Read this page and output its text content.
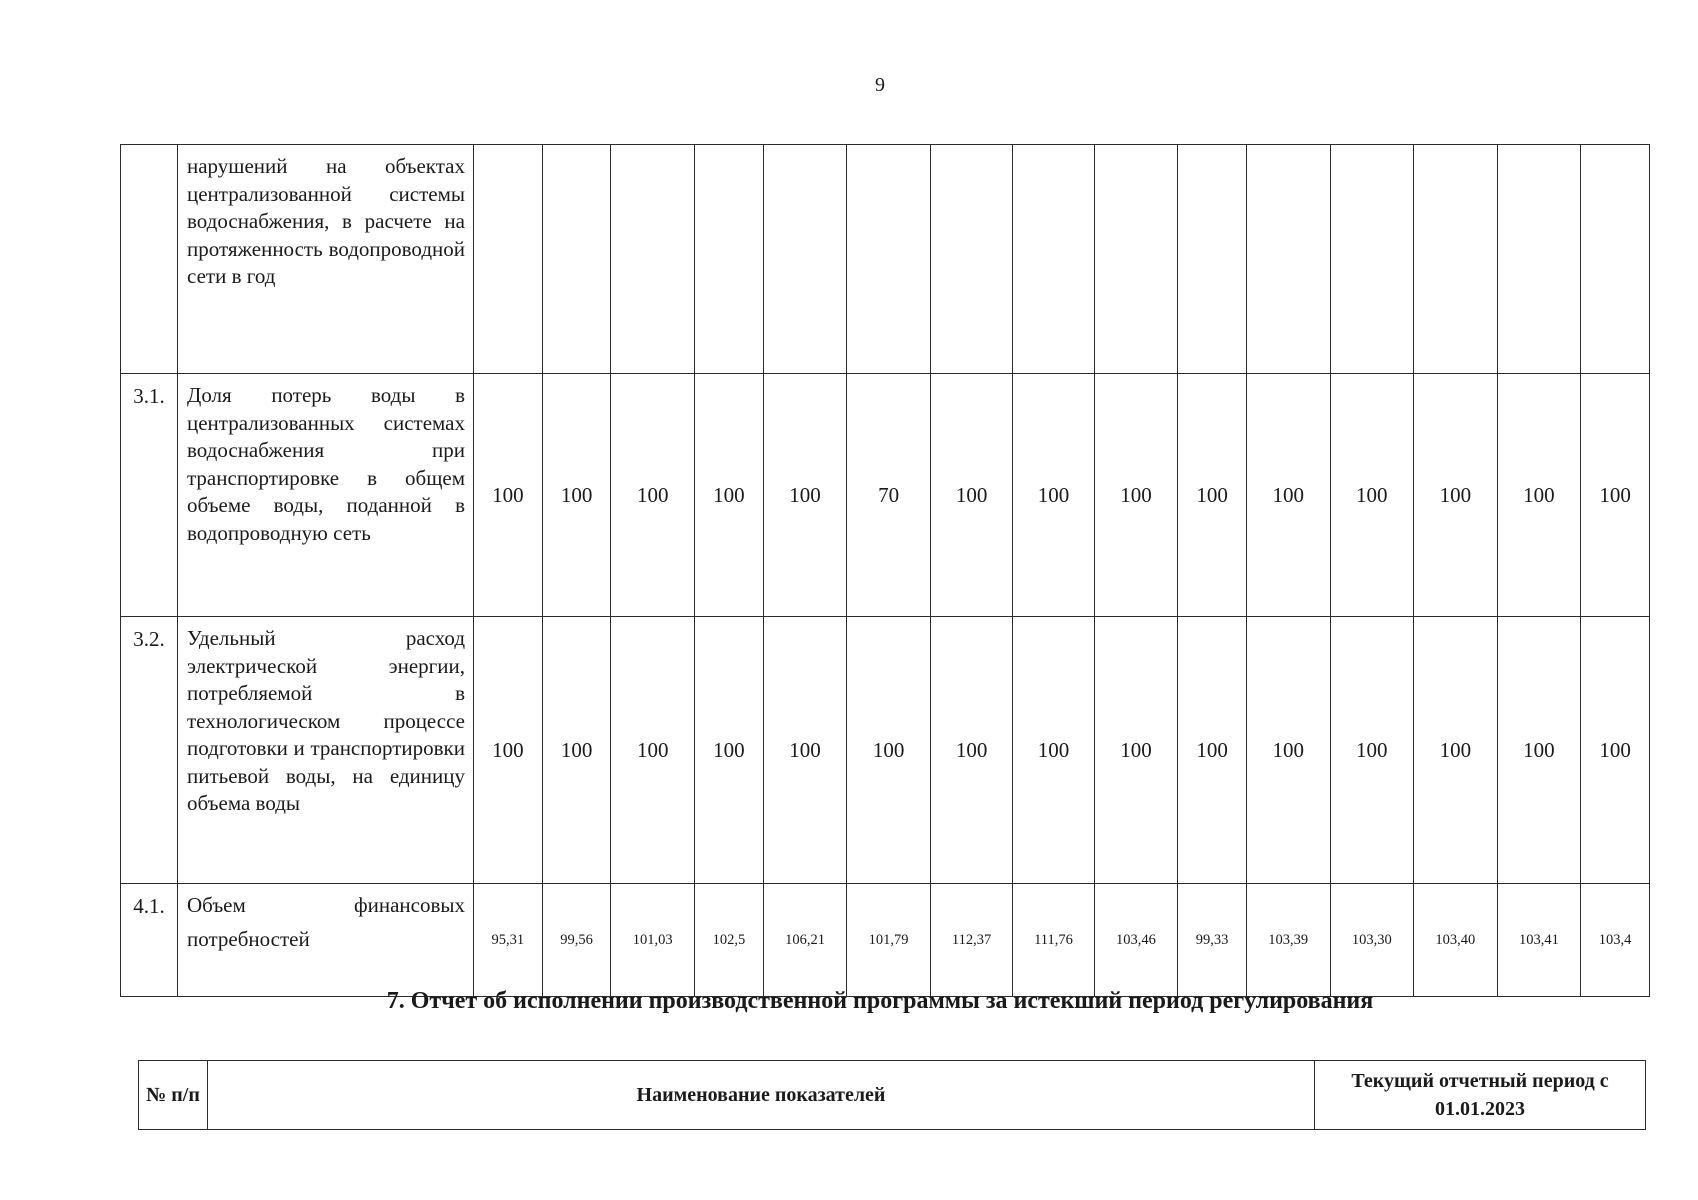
9
	нарушений на объектах централизованной системы водоснабжения, в расчете на протяженность водопроводной сети в год															
3.1.	Доля потерь воды в централизованных системах водоснабжения при транспортировке в общем объеме воды, поданной в водопроводную сеть	100	100	100	100	100	70	100	100	100	100	100	100	100	100	100
3.2.	Удельный расход электрической энергии, потребляемой в технологическом процессе подготовки и транспортировки питьевой воды, на единицу объема воды	100	100	100	100	100	100	100	100	100	100	100	100	100	100	100
4.1.	Объем финансовых потребностей	95,31	99,56	101,03	102,5	106,21	101,79	112,37	111,76	103,46	99,33	103,39	103,30	103,40	103,41	103,4
7. Отчет об исполнении производственной программы за истекший период регулирования
№ п/п	Наименование показателей	Текущий отчетный период с 01.01.2023
